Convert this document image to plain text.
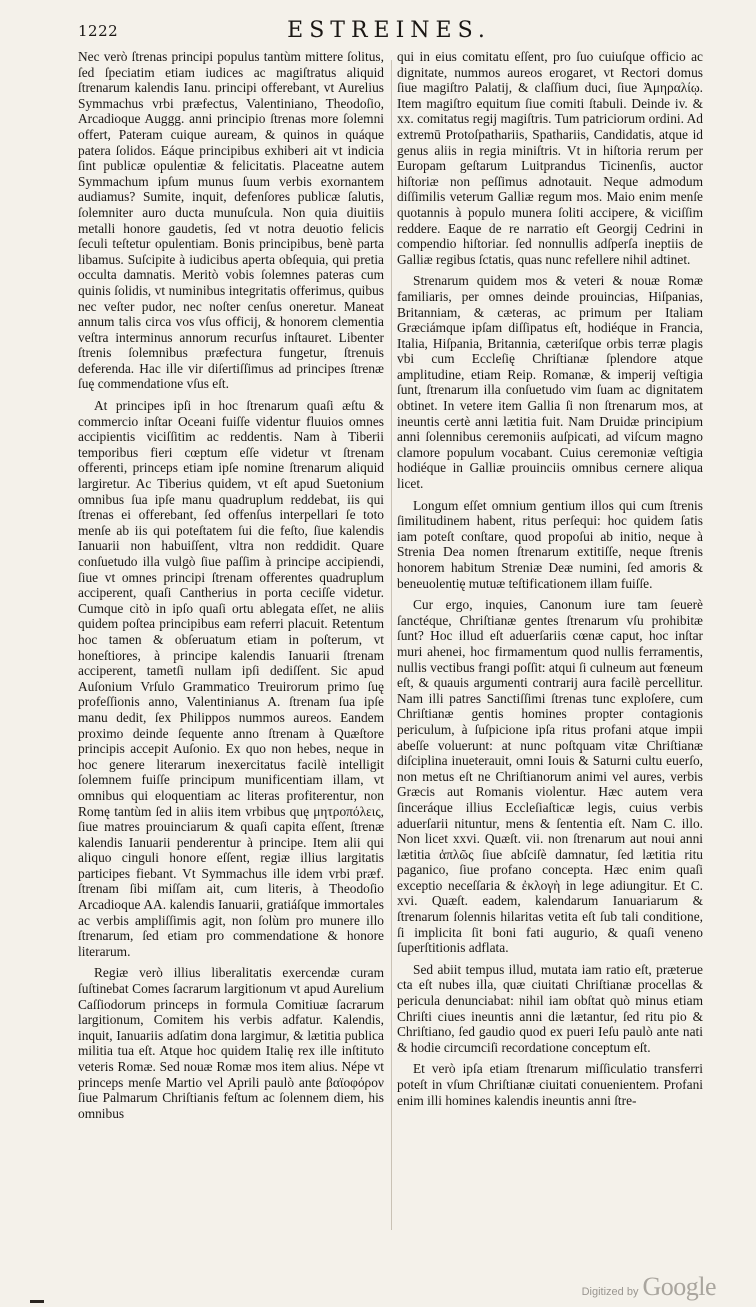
1222	ESTREINES.

Nec verò ſtrenas principi populus tantùm mittere ſolitus, ſed ſpeciatim etiam iudices ac magiſtratus aliquid ſtrenarum kalendis Ianu. principi offerebant, vt Aurelius Symmachus vrbi præfectus, Valentiniano, Theodoſio, Arcadioque Auggg. anni principio ſtrenas more ſolemni offert, Pateram cuique auream, & quinos in quáque patera ſolidos. Eáque principibus exhiberi ait vt indicia ſint publicæ opulentiæ & felicitatis. Placeatne autem Symmachum ipſum munus ſuum verbis exornantem audiamus? Sumite, inquit, defenſores publicæ ſalutis, ſolemniter auro ducta munuſcula. Non quia diuitiis metalli honore gaudetis, ſed vt notra deuotio felicis ſeculi teſtetur opulentiam. Bonis principibus, benè parta libamus. Suſcipite à iudicibus aperta obſequia, qui pretia occulta damnatis. Meritò vobis ſolemnes pateras cum quinis ſolidis, vt numinibus integritatis offerimus, quibus nec veſter pudor, nec noſter cenſus oneretur. Maneat annum talis circa vos vſus officij, & honorem clementia veſtra interminus annorum recurſus inſtauret. Libenter ſtrenis ſolemnibus præfectura fungetur, ſtrenuis deferenda. Hac ille vir diſertiſſimus ad principes ſtrenæ ſuę commendatione vſus eſt.

At principes ipſi in hoc ſtrenarum quaſi æſtu & commercio inſtar Oceani fuiſſe videntur fluuios omnes accipientis viciſſitim ac reddentis. Nam à Tiberii temporibus fieri cœptum eſſe videtur vt ſtrenam offerenti, princeps etiam ipſe nomine ſtrenarum aliquid largiretur. Ac Tiberius quidem, vt eſt apud Suetonium omnibus ſua ipſe manu quadruplum reddebat, iis qui ſtrenas ei offerebant, ſed offenſus interpellari ſe toto menſe ab iis qui poteſtatem ſui die feſto, ſiue kalendis Ianuarii non habuiſſent, vltra non reddidit. Quare conſuetudo illa vulgò ſiue paſſim à principe accipiendi, ſiue vt omnes principi ſtrenam offerentes quadruplum acciperent, quaſi Cantherius in porta ceciſſe videtur. Cumque citò in ipſo quaſi ortu ablegata eſſet, ne aliis quidem poſtea principibus eam referri placuit. Retentum hoc tamen & obſeruatum etiam in poſterum, vt honeſtiores, à principe kalendis Ianuarii ſtrenam acciperent, tametſi nullam ipſi dediſſent. Sic apud Auſonium Vrſulo Grammatico Treuirorum primo ſuę profeſſionis anno, Valentinianus A. ſtrenam ſua ipſe manu dedit, ſex Philippos nummos aureos. Eandem proximo deinde ſequente anno ſtrenam à Quæſtore principis accepit Auſonio. Ex quo non hebes, neque in hoc genere literarum inexercitatus facilè intelligit ſolemnem fuiſſe principum munificentiam illam, vt omnibus qui eloquentiam ac literas profiterentur, non Romę tantùm ſed in aliis item vrbibus quę μητροπόλεις, ſiue matres prouinciarum & quaſi capita eſſent, ſtrenæ kalendis Ianuarii penderentur à principe. Item alii qui aliquo cinguli honore eſſent, regiæ illius largitatis participes fiebant. Vt Symmachus ille idem vrbi præf. ſtrenam ſibi miſſam ait, cum literis, à Theodoſio Arcadioque AA. kalendis Ianuarii, gratiáſque immortales ac verbis ampliſſimis agit, non ſolùm pro munere illo ſtrenarum, ſed etiam pro commendatione & honore literarum.

Regiæ verò illius liberalitatis exercendæ curam ſuſtinebat Comes ſacrarum largitionum vt apud Aurelium Caſſiodorum princeps in formula Comitiuæ ſacrarum largitionum, Comitem his verbis adfatur. Kalendis, inquit, Ianuariis adſatim dona largimur, & lætitia publica militia tua eſt. Atque hoc quidem Italię rex ille inſtituto veteris Romæ. Sed nouæ Romæ mos item alius. Népe vt princeps menſe Martio vel Aprili paulò ante βαϊοφόρον ſiue Palmarum Chriſtianis feſtum ac ſolennem diem, his omnibus

qui in eius comitatu eſſent, pro ſuo cuiuſque officio ac dignitate, nummos aureos erogaret, vt Rectori domus ſiue magiſtro Palatij, & claſſium duci, ſiue Ἀμηραλίῳ. Item magiſtro equitum ſiue comiti ſtabuli. Deinde iv. & xx. comitatus regij magiſtris. Tum patriciorum ordini. Ad extremū Protoſpathariis, Spathariis, Candidatis, atque id genus aliis in regia miniſtris. Vt in hiſtoria rerum per Europam geſtarum Luitprandus Ticinenſis, auctor hiſtoriæ non peſſimus adnotauit. Neque admodum diſſimilis veterum Galliæ regum mos. Maio enim menſe quotannis à populo munera ſoliti accipere, & viciſſim reddere. Eaque de re narratio eſt Georgij Cedrini in compendio hiſtoriar. ſed nonnullis adſperſa ineptiis de Galliæ regibus ſctatis, quas nunc refellere nihil adtinet.

Strenarum quidem mos & veteri & nouæ Romæ familiaris, per omnes deinde prouincias, Hiſpanias, Britanniam, & cæteras, ac primum per Italiam Græciámque ipſam diſſipatus eſt, hodiéque in Francia, Italia, Hiſpania, Britannia, cæteriſque orbis terræ plagis vbi cum Eccleſię Chriſtianæ ſplendore atque amplitudine, etiam Reip. Romanæ, & imperij veſtigia ſunt, ſtrenarum illa conſuetudo vim ſuam ac dignitatem obtinet. In vetere item Gallia ſi non ſtrenarum mos, at ineuntis certè anni lætitia fuit. Nam Druidæ principium anni ſolennibus ceremoniis auſpicati, ad viſcum magno clamore populum vocabant. Cuius ceremoniæ veſtigia hodiéque in Galliæ prouinciis omnibus cernere aliqua licet.

Longum eſſet omnium gentium illos qui cum ſtrenis ſimilitudinem habent, ritus perſequi: hoc quidem ſatis iam poteſt conſtare, quod propoſui ab initio, neque à Strenia Dea nomen ſtrenarum extitiſſe, neque ſtrenis honorem habitum Streniæ Deæ numini, ſed amoris & beneuolentię mutuæ teſtificationem illam fuiſſe.

Cur ergo, inquies, Canonum iure tam ſeuerè ſanctéque, Chriſtianæ gentes ſtrenarum vſu prohibitæ ſunt? Hoc illud eſt aduerſariis cœnæ caput, hoc inſtar muri ahenei, hoc firmamentum quod nullis ferramentis, nullis vectibus frangi poſſit: atqui ſi culneum aut fœneum eſt, & quauis argumenti contrarij aura facilè percellitur. Nam illi patres Sanctiſſimi ſtrenas tunc exploſere, cum Chriſtianæ gentis homines propter contagionis periculum, à ſuſpicione ipſa ritus profani atque impii abeſſe voluerunt: at nunc poſtquam vitæ Chriſtianæ diſciplina inueterauit, omni Iouis & Saturni cultu euerſo, non metus eſt ne Chriſtianorum animi vel aures, verbis Græcis aut Romanis violentur. Hæc autem vera ſinceráque illius Eccleſiaſticæ legis, cuius verbis aduerſarii nituntur, mens & ſententia eſt. Nam C. illo. Non licet xxvi. Quæſt. vii. non ſtrenarum aut noui anni lætitia ἁπλῶς ſiue abſciſè damnatur, ſed lætitia ritu paganico, ſiue profano concepta. Hæc enim quaſi exceptio neceſſaria & ἐκλογὴ in lege adiungitur. Et C. xvi. Quæſt. eadem, kalendarum Ianuariarum & ſtrenarum ſolennis hilaritas vetita eſt ſub tali conditione, ſi implicita ſit boni fati augurio, & quaſi veneno ſuperſtitionis adflata.

Sed abiit tempus illud, mutata iam ratio eſt, præterue cta eſt nubes illa, quæ ciuitati Chriſtianæ procellas & pericula denunciabat: nihil iam obſtat quò minus etiam Chriſti ciues ineuntis anni die lætantur, ſed ritu pio & Chriſtiano, ſed gaudio quod ex pueri Ieſu paulò ante nati & hodie circumciſi recordatione conceptum eſt.

Et verò ipſa etiam ſtrenarum miſſiculatio transferri poteſt in vſum Chriſtianæ ciuitati conuenientem. Profani enim illi homines kalendis ineuntis anni ſtre-

Digitized by Google
